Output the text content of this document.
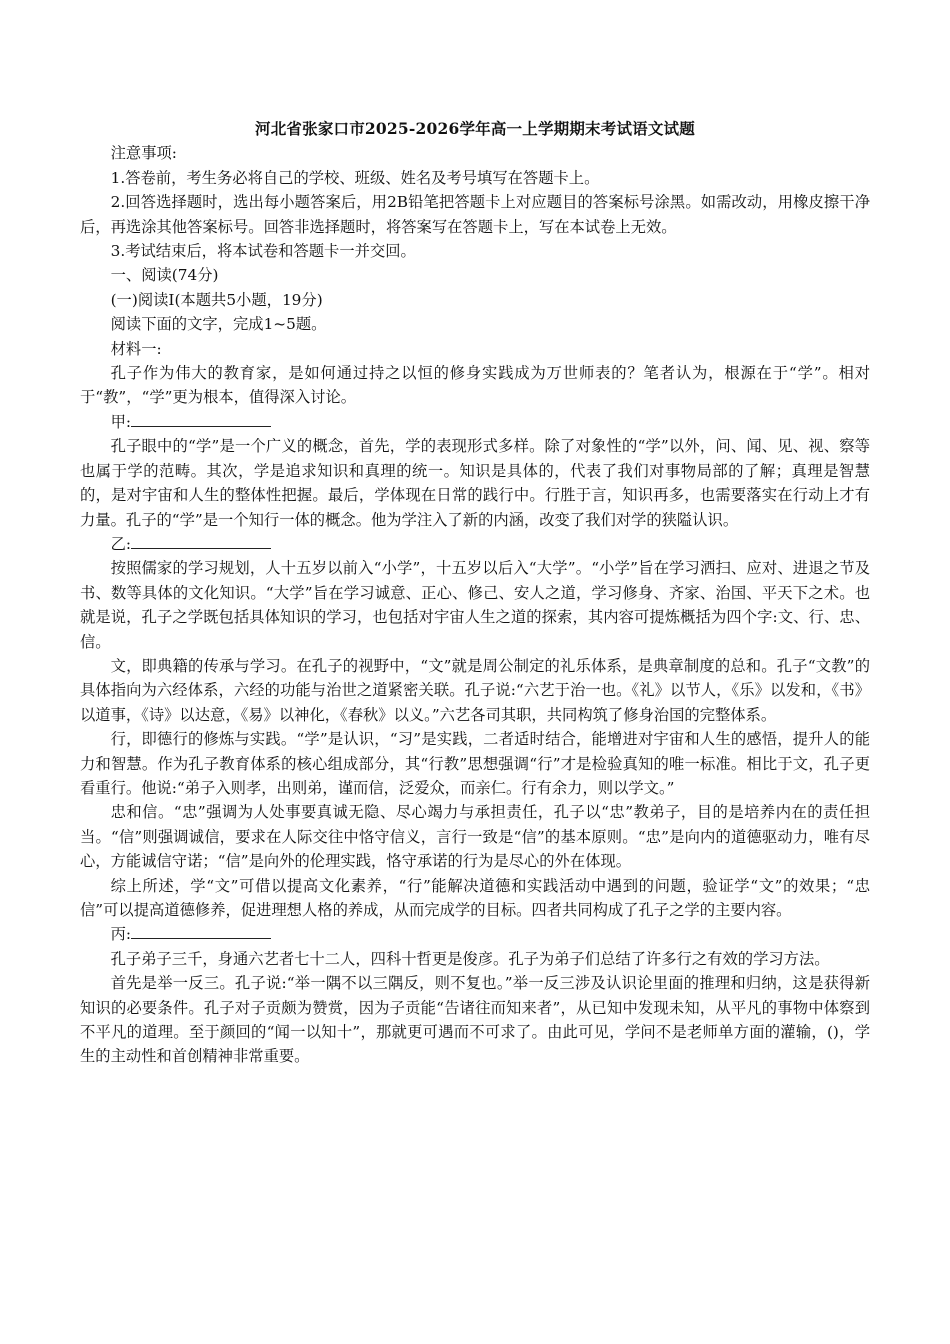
河北省张家口市2025-2026学年高一上学期期末考试语文试题

注意事项:

1.答卷前，考生务必将自己的学校、班级、姓名及考号填写在答题卡上。

2.回答选择题时，选出每小题答案后，用2B铅笔把答题卡上对应题目的答案标号涂黑。如需改动，用橡皮擦干净后，再选涂其他答案标号。回答非选择题时，将答案写在答题卡上，写在本试卷上无效。

3.考试结束后，将本试卷和答题卡一并交回。

一、阅读(74分)

(一)阅读Ⅰ(本题共5小题，19分)

阅读下面的文字，完成1~5题。

材料一:

孔子作为伟大的教育家，是如何通过持之以恒的修身实践成为万世师表的？笔者认为，根源在于“学”。相对于“教”，“学”更为根本，值得深入讨论。

甲:

孔子眼中的“学”是一个广义的概念，首先，学的表现形式多样。除了对象性的“学”以外，问、闻、见、视、察等也属于学的范畴。其次，学是追求知识和真理的统一。知识是具体的，代表了我们对事物局部的了解；真理是智慧的，是对宇宙和人生的整体性把握。最后，学体现在日常的践行中。行胜于言，知识再多，也需要落实在行动上才有力量。孔子的“学”是一个知行一体的概念。他为学注入了新的内涵，改变了我们对学的狭隘认识。

乙:

按照儒家的学习规划，人十五岁以前入“小学”，十五岁以后入“大学”。“小学”旨在学习洒扫、应对、进退之节及书、数等具体的文化知识。“大学”旨在学习诚意、正心、修己、安人之道，学习修身、齐家、治国、平天下之术。也就是说，孔子之学既包括具体知识的学习，也包括对宇宙人生之道的探索，其内容可提炼概括为四个字:文、行、忠、信。

文，即典籍的传承与学习。在孔子的视野中，“文”就是周公制定的礼乐体系，是典章制度的总和。孔子“文教”的具体指向为六经体系，六经的功能与治世之道紧密关联。孔子说:“六艺于治一也。《礼》以节人，《乐》以发和，《书》以道事，《诗》以达意，《易》以神化，《春秋》以义。”六艺各司其职，共同构筑了修身治国的完整体系。

行，即德行的修炼与实践。“学”是认识，“习”是实践，二者适时结合，能增进对宇宙和人生的感悟，提升人的能力和智慧。作为孔子教育体系的核心组成部分，其“行教”思想强调“行”才是检验真知的唯一标准。相比于文，孔子更看重行。他说:“弟子入则孝，出则弟，谨而信，泛爱众，而亲仁。行有余力，则以学文。”

忠和信。“忠”强调为人处事要真诚无隐、尽心竭力与承担责任，孔子以“忠”教弟子，目的是培养内在的责任担当。“信”则强调诚信，要求在人际交往中恪守信义，言行一致是“信”的基本原则。“忠”是向内的道德驱动力，唯有尽心，方能诚信守诺；“信”是向外的伦理实践，恪守承诺的行为是尽心的外在体现。

综上所述，学“文”可借以提高文化素养，“行”能解决道德和实践活动中遇到的问题，验证学“文”的效果；“忠信”可以提高道德修养，促进理想人格的养成，从而完成学的目标。四者共同构成了孔子之学的主要内容。

丙:

孔子弟子三千，身通六艺者七十二人，四科十哲更是俊彦。孔子为弟子们总结了许多行之有效的学习方法。

首先是举一反三。孔子说:“举一隅不以三隅反，则不复也。”举一反三涉及认识论里面的推理和归纳，这是获得新知识的必要条件。孔子对子贡颇为赞赏，因为子贡能“告诸往而知来者”，从已知中发现未知，从平凡的事物中体察到不平凡的道理。至于颜回的“闻一以知十”，那就更可遇而不可求了。由此可见，学问不是老师单方面的灌输，()，学生的主动性和首创精神非常重要。
